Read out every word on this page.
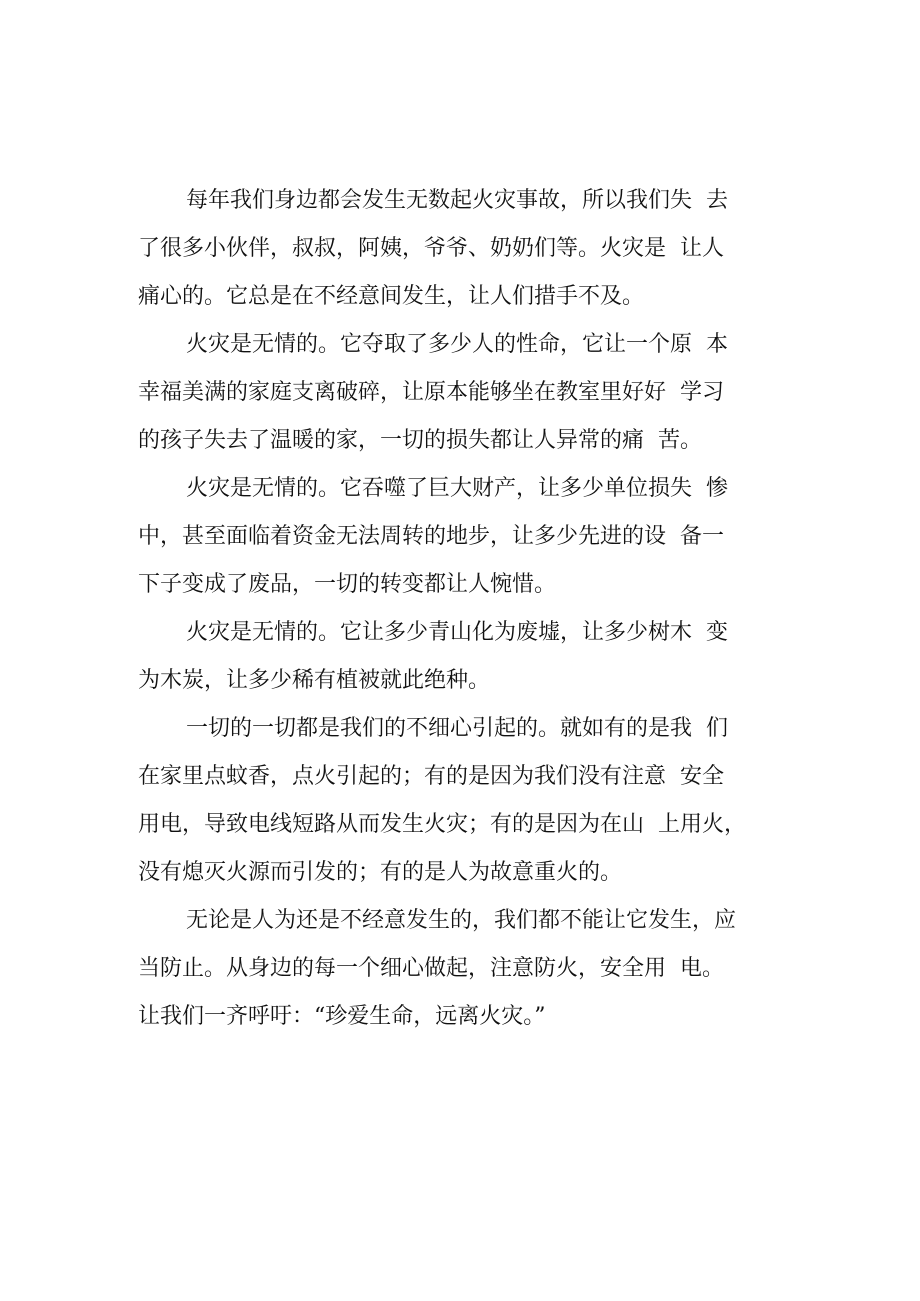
每年我们身边都会发生无数起火灾事故，所以我们失  去
了很多小伙伴，叔叔，阿姨，爷爷、奶奶们等。火灾是  让人
痛心的。它总是在不经意间发生，让人们措手不及。
火灾是无情的。它夺取了多少人的性命，它让一个原  本
幸福美满的家庭支离破碎，让原本能够坐在教室里好好  学习
的孩子失去了温暖的家，一切的损失都让人异常的痛  苦。
火灾是无情的。它吞噬了巨大财产，让多少单位损失  惨
中，甚至面临着资金无法周转的地步，让多少先进的设  备一
下子变成了废品，一切的转变都让人惋惜。
火灾是无情的。它让多少青山化为废墟，让多少树木  变
为木炭，让多少稀有植被就此绝种。
一切的一切都是我们的不细心引起的。就如有的是我  们
在家里点蚊香，点火引起的；有的是因为我们没有注意  安全
用电，导致电线短路从而发生火灾；有的是因为在山  上用火，
没有熄灭火源而引发的；有的是人为故意重火的。
无论是人为还是不经意发生的，我们都不能让它发生，应
当防止。从身边的每一个细心做起，注意防火，安全用  电。
让我们一齐呼吁：“珍爱生命，远离火灾。”
